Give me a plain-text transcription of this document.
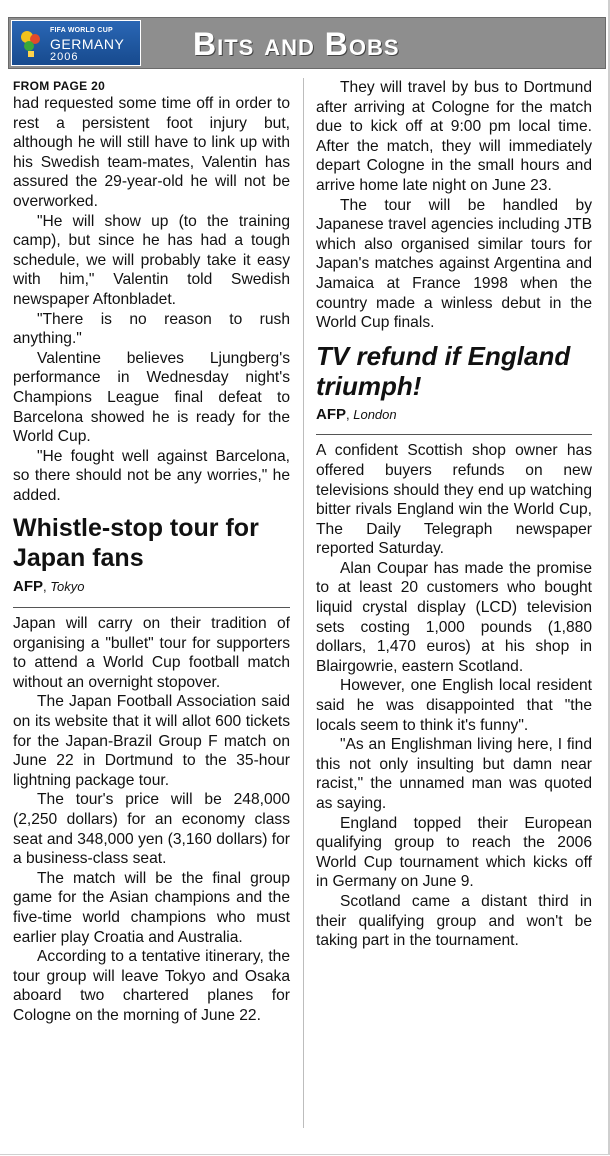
FIFA WORLD CUP
GERMANY
2006	Bits and Bobs
FROM PAGE 20

had requested some time off in order to rest a persistent foot injury but, although he will still have to link up with his Swedish team-mates, Valentin has assured the 29-year-old he will not be overworked.

"He will show up (to the training camp), but since he has had a tough schedule, we will probably take it easy with him," Valentin told Swedish newspaper Aftonbladet.

"There is no reason to rush anything."

Valentine believes Ljungberg's performance in Wednesday night's Champions League final defeat to Barcelona showed he is ready for the World Cup.

"He fought well against Barcelona, so there should not be any worries," he added.

Whistle-stop tour for Japan fans
AFP, Tokyo

Japan will carry on their tradition of organising a "bullet" tour for supporters to attend a World Cup football match without an overnight stopover.

The Japan Football Association said on its website that it will allot 600 tickets for the Japan-Brazil Group F match on June 22 in Dortmund to the 35-hour lightning package tour.

The tour's price will be 248,000 (2,250 dollars) for an economy class seat and 348,000 yen (3,160 dollars) for a business-class seat.

The match will be the final group game for the Asian champions and the five-time world champions who must earlier play Croatia and Australia.

According to a tentative itinerary, the tour group will leave Tokyo and Osaka aboard two chartered planes for Cologne on the morning of June 22.

They will travel by bus to Dortmund after arriving at Cologne for the match due to kick off at 9:00 pm local time. After the match, they will immediately depart Cologne in the small hours and arrive home late night on June 23.

The tour will be handled by Japanese travel agencies including JTB which also organised similar tours for Japan's matches against Argentina and Jamaica at France 1998 when the country made a winless debut in the World Cup finals.

TV refund if England triumph!
AFP, London

A confident Scottish shop owner has offered buyers refunds on new televisions should they end up watching bitter rivals England win the World Cup, The Daily Telegraph newspaper reported Saturday.

Alan Coupar has made the promise to at least 20 customers who bought liquid crystal display (LCD) television sets costing 1,000 pounds (1,880 dollars, 1,470 euros) at his shop in Blairgowrie, eastern Scotland.

However, one English local resident said he was disappointed that "the locals seem to think it's funny".

"As an Englishman living here, I find this not only insulting but damn near racist," the unnamed man was quoted as saying.

England topped their European qualifying group to reach the 2006 World Cup tournament which kicks off in Germany on June 9.

Scotland came a distant third in their qualifying group and won't be taking part in the tournament.
